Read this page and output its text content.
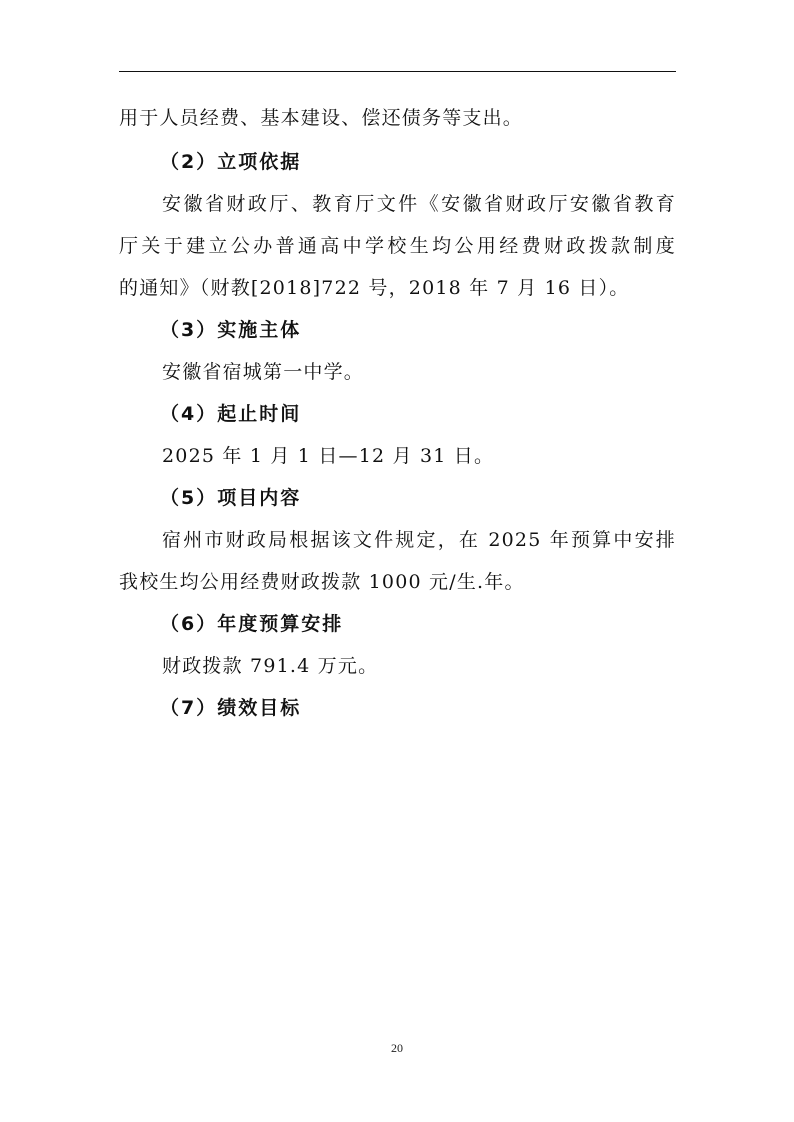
用于人员经费、基本建设、偿还债务等支出。
（2）立项依据
安徽省财政厅、教育厅文件《安徽省财政厅安徽省教育
厅关于建立公办普通高中学校生均公用经费财政拨款制度
的通知》（财教[2018]722 号，2018 年 7 月 16 日）。
（3）实施主体
安徽省宿城第一中学。
（4）起止时间
2025 年 1 月 1 日—12 月 31 日。
（5）项目内容
宿州市财政局根据该文件规定，在 2025 年预算中安排
我校生均公用经费财政拨款 1000 元/生.年。
（6）年度预算安排
财政拨款 791.4 万元。
（7）绩效目标
20
